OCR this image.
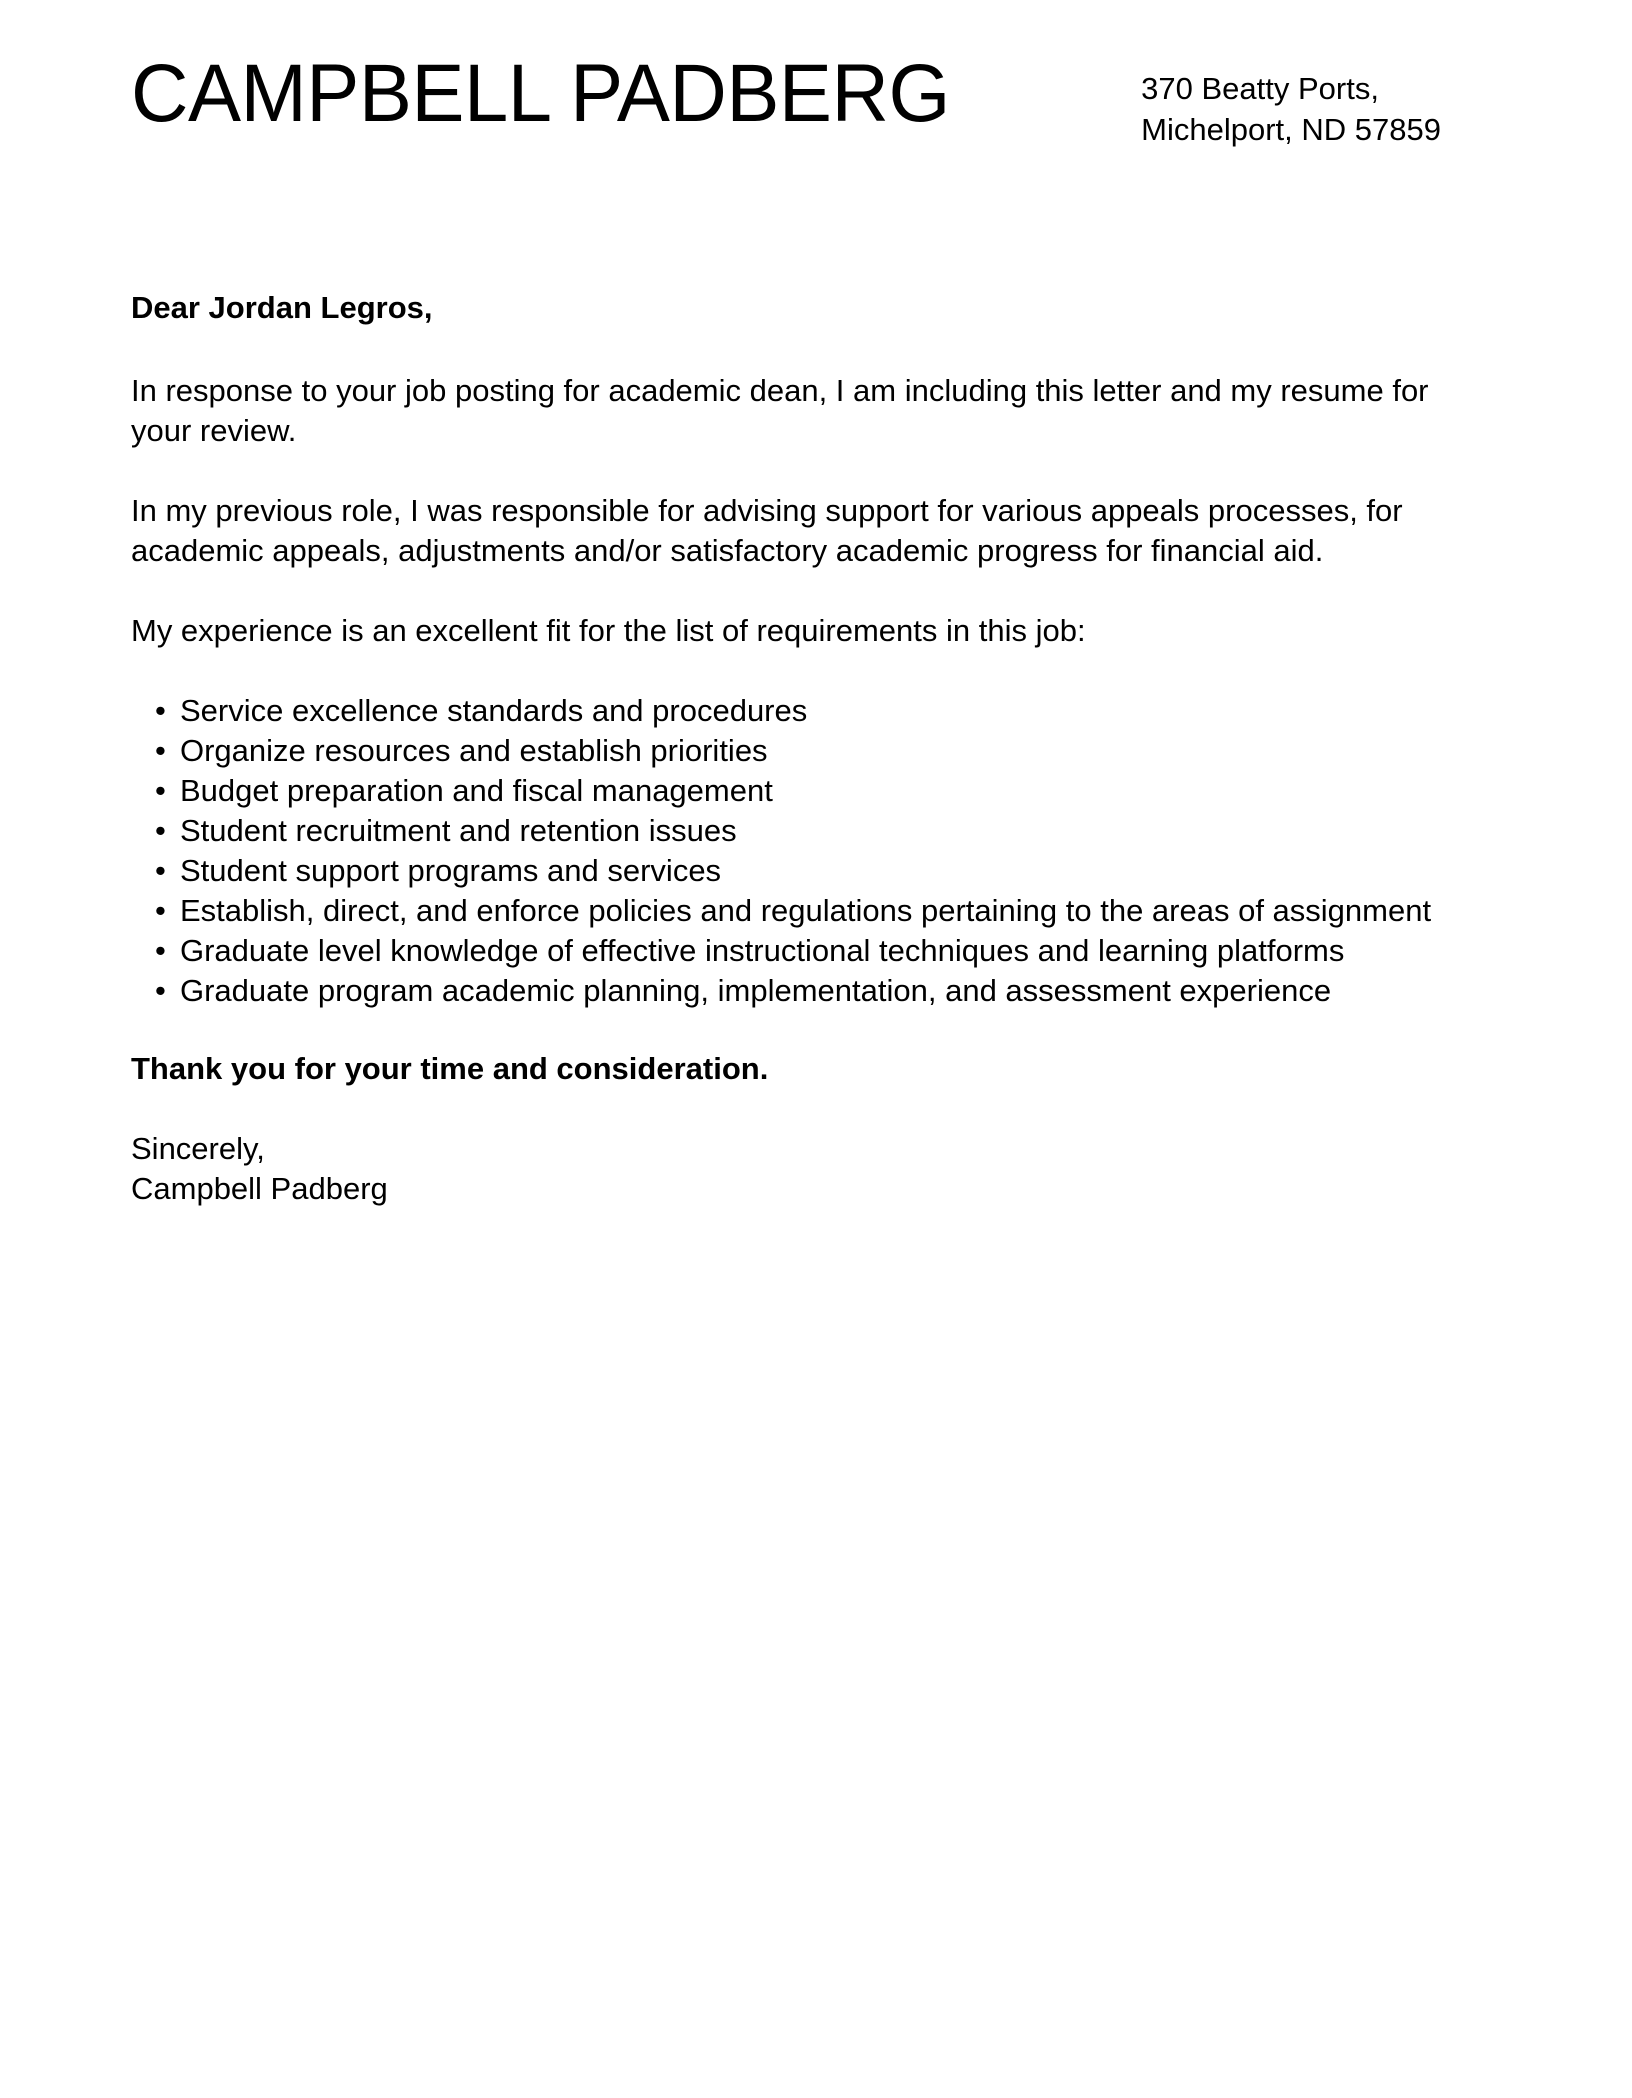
CAMPBELL PADBERG	370 Beatty Ports,
Michelport, ND 57859

Dear Jordan Legros,

In response to your job posting for academic dean, I am including this letter and my resume for your review.

In my previous role, I was responsible for advising support for various appeals processes, for academic appeals, adjustments and/or satisfactory academic progress for financial aid.

My experience is an excellent fit for the list of requirements in this job:

• Service excellence standards and procedures
• Organize resources and establish priorities
• Budget preparation and fiscal management
• Student recruitment and retention issues
• Student support programs and services
• Establish, direct, and enforce policies and regulations pertaining to the areas of assignment
• Graduate level knowledge of effective instructional techniques and learning platforms
• Graduate program academic planning, implementation, and assessment experience

Thank you for your time and consideration.

Sincerely,
Campbell Padberg
